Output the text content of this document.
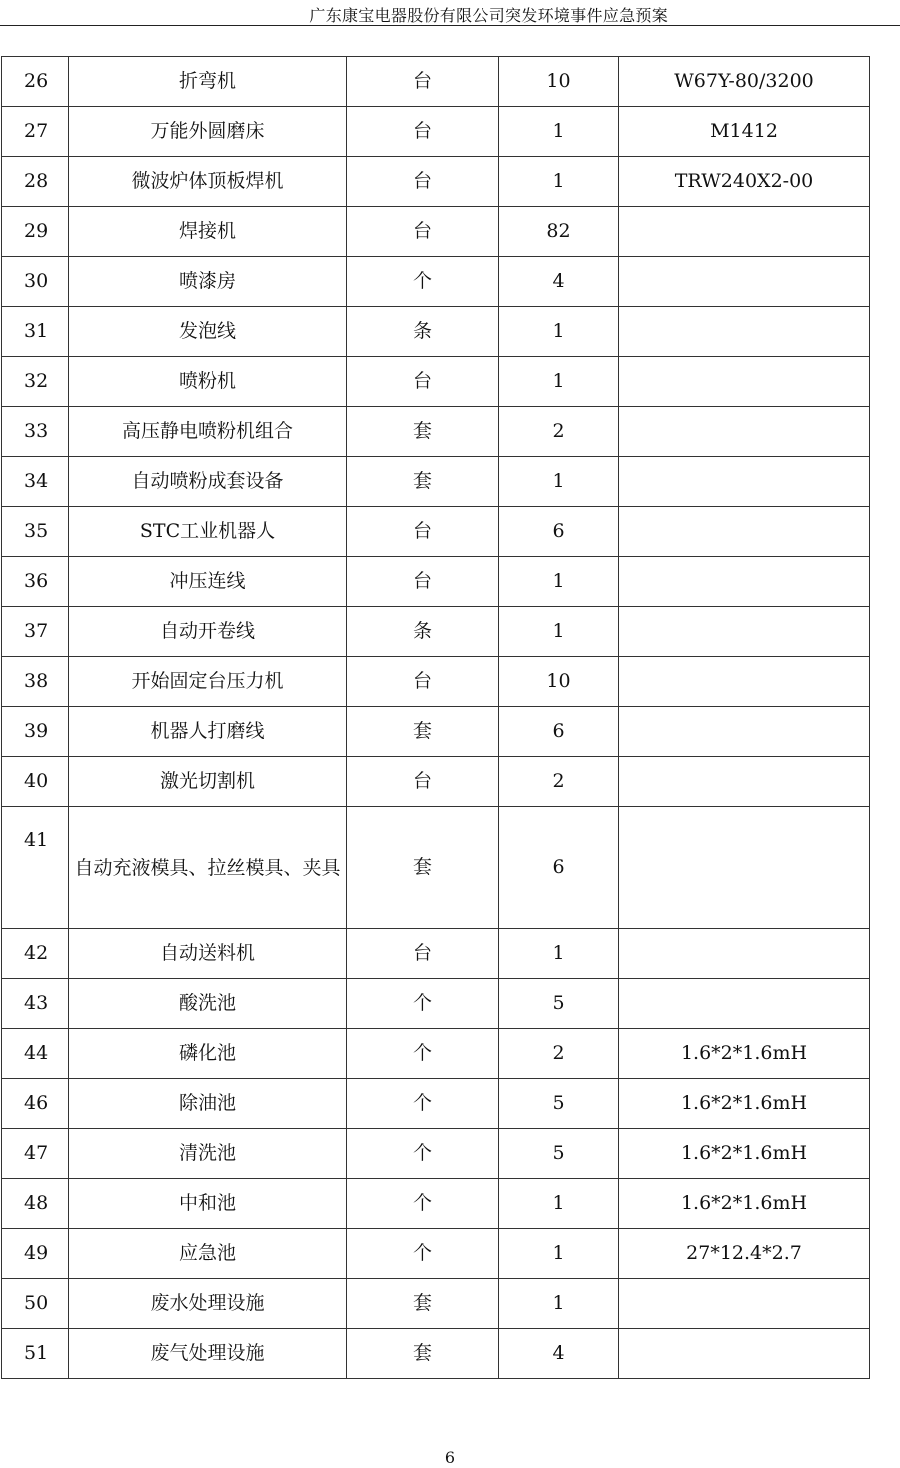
广东康宝电器股份有限公司突发环境事件应急预案
26	折弯机	台	10	W67Y-80/3200
27	万能外圆磨床	台	1	M1412
28	微波炉体顶板焊机	台	1	TRW240X2-00
29	焊接机	台	82	
30	喷漆房	个	4	
31	发泡线	条	1	
32	喷粉机	台	1	
33	高压静电喷粉机组合	套	2	
34	自动喷粉成套设备	套	1	
35	STC工业机器人	台	6	
36	冲压连线	台	1	
37	自动开卷线	条	1	
38	开始固定台压力机	台	10	
39	机器人打磨线	套	6	
40	激光切割机	台	2	
41	自动充液模具、拉丝模具、夹具	套	6	
42	自动送料机	台	1	
43	酸洗池	个	5	
44	磷化池	个	2	1.6*2*1.6mH
46	除油池	个	5	1.6*2*1.6mH
47	清洗池	个	5	1.6*2*1.6mH
48	中和池	个	1	1.6*2*1.6mH
49	应急池	个	1	27*12.4*2.7
50	废水处理设施	套	1	
51	废气处理设施	套	4	
6
